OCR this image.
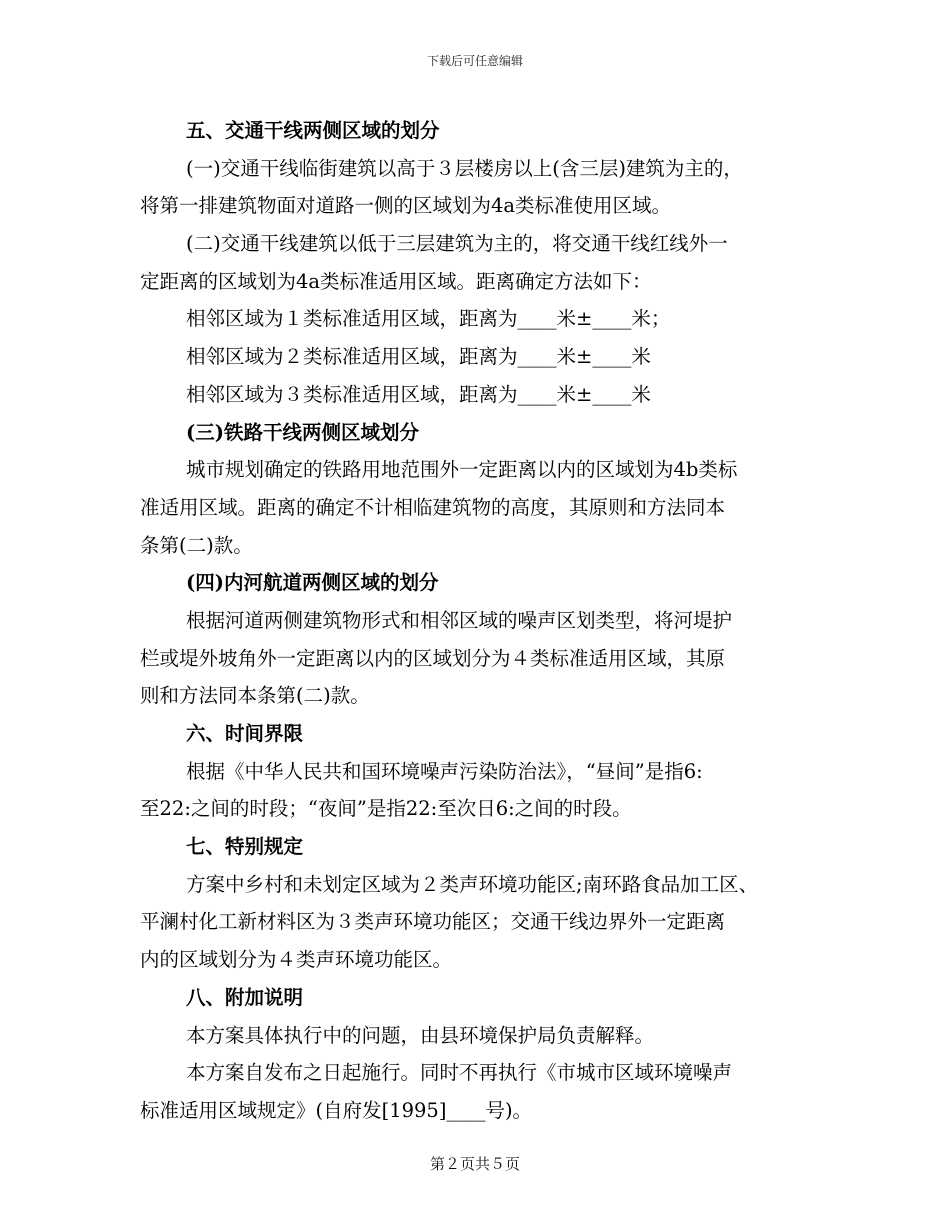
下载后可任意编辑
五、交通干线两侧区域的划分
(一)交通干线临街建筑以高于３层楼房以上(含三层)建筑为主的，
将第一排建筑物面对道路一侧的区域划为4a类标准使用区域。
(二)交通干线建筑以低于三层建筑为主的，将交通干线红线外一
定距离的区域划为4a类标准适用区域。距离确定方法如下：
相邻区域为１类标准适用区域，距离为____米±____米；
相邻区域为２类标准适用区域，距离为____米±____米
相邻区域为３类标准适用区域，距离为____米±____米
(三)铁路干线两侧区域划分
城市规划确定的铁路用地范围外一定距离以内的区域划为4b类标
准适用区域。距离的确定不计相临建筑物的高度，其原则和方法同本
条第(二)款。
(四)内河航道两侧区域的划分
根据河道两侧建筑物形式和相邻区域的噪声区划类型，将河堤护
栏或堤外坡角外一定距离以内的区域划分为４类标准适用区域，其原
则和方法同本条第(二)款。
六、时间界限
根据《中华人民共和国环境噪声污染防治法》，“昼间”是指6:
至22:之间的时段；“夜间”是指22:至次日6:之间的时段。
七、特别规定
方案中乡村和未划定区域为２类声环境功能区;南环路食品加工区、
平澜村化工新材料区为３类声环境功能区；交通干线边界外一定距离
内的区域划分为４类声环境功能区。
八、附加说明
本方案具体执行中的问题，由县环境保护局负责解释。
本方案自发布之日起施行。同时不再执行《市城市区域环境噪声
标准适用区域规定》(自府发[1995]____号)。
第２页共５页
